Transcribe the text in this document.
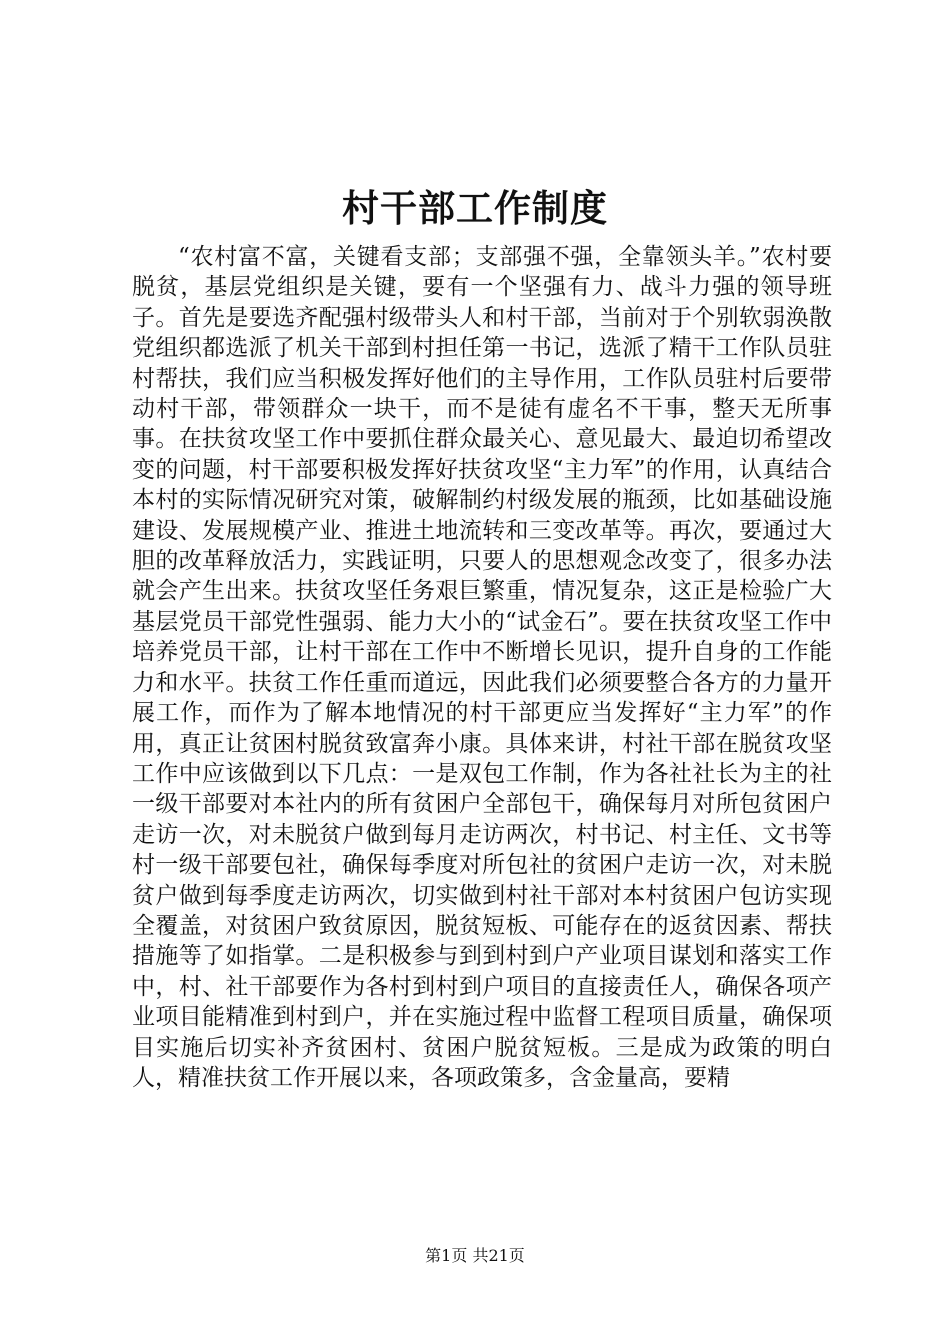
村干部工作制度

“农村富不富，关键看支部；支部强不强，全靠领头羊。”农村要脱贫，基层党组织是关键，要有一个坚强有力、战斗力强的领导班子。首先是要选齐配强村级带头人和村干部，当前对于个别软弱涣散党组织都选派了机关干部到村担任第一书记，选派了精干工作队员驻村帮扶，我们应当积极发挥好他们的主导作用，工作队员驻村后要带动村干部，带领群众一块干，而不是徒有虚名不干事，整天无所事事。在扶贫攻坚工作中要抓住群众最关心、意见最大、最迫切希望改变的问题，村干部要积极发挥好扶贫攻坚“主力军”的作用，认真结合本村的实际情况研究对策，破解制约村级发展的瓶颈，比如基础设施建设、发展规模产业、推进土地流转和三变改革等。再次，要通过大胆的改革释放活力，实践证明，只要人的思想观念改变了，很多办法就会产生出来。扶贫攻坚任务艰巨繁重，情况复杂，这正是检验广大基层党员干部党性强弱、能力大小的“试金石”。要在扶贫攻坚工作中培养党员干部，让村干部在工作中不断增长见识，提升自身的工作能力和水平。扶贫工作任重而道远，因此我们必须要整合各方的力量开展工作，而作为了解本地情况的村干部更应当发挥好“主力军”的作用，真正让贫困村脱贫致富奔小康。具体来讲，村社干部在脱贫攻坚工作中应该做到以下几点：一是双包工作制，作为各社社长为主的社一级干部要对本社内的所有贫困户全部包干，确保每月对所包贫困户走访一次，对未脱贫户做到每月走访两次，村书记、村主任、文书等村一级干部要包社，确保每季度对所包社的贫困户走访一次，对未脱贫户做到每季度走访两次，切实做到村社干部对本村贫困户包访实现全覆盖，对贫困户致贫原因，脱贫短板、可能存在的返贫因素、帮扶措施等了如指掌。二是积极参与到到村到户产业项目谋划和落实工作中，村、社干部要作为各村到村到户项目的直接责任人，确保各项产业项目能精准到村到户，并在实施过程中监督工程项目质量，确保项目实施后切实补齐贫困村、贫困户脱贫短板。三是成为政策的明白人，精准扶贫工作开展以来，各项政策多，含金量高，要精

第1页 共21页
